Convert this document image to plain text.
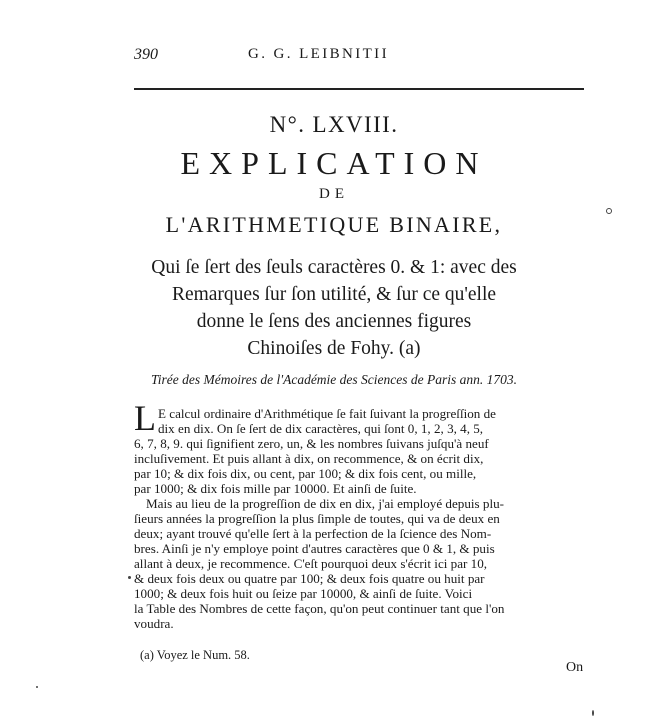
390	G. G. LEIBNITII
N°. LXVIII.
EXPLICATION
DE
L'ARITHMETIQUE BINAIRE,
Qui ſe ſert des ſeuls caractères 0. & 1: avec des
Remarques ſur ſon utilité, & ſur ce qu'elle
donne le ſens des anciennes figures
Chinoiſes de Fohy. (a)
Tirée des Mémoires de l'Académie des Sciences de Paris ann. 1703.
L E calcul ordinaire d'Arithmétique ſe fait ſuivant la progreſſion de
dix en dix. On ſe ſert de dix caractères, qui ſont 0, 1, 2, 3, 4, 5,
6, 7, 8, 9. qui ſignifient zero, un, & les nombres ſuivans juſqu'à neuf
incluſivement. Et puis allant à dix, on recommence, & on écrit dix,
par 10; & dix fois dix, ou cent, par 100; & dix fois cent, ou mille,
par 1000; & dix fois mille par 10000. Et ainſi de ſuite.
Mais au lieu de la progreſſion de dix en dix, j'ai employé depuis plu-
ſieurs années la progreſſion la plus ſimple de toutes, qui va de deux en
deux; ayant trouvé qu'elle ſert à la perfection de la ſcience des Nom-
bres. Ainſi je n'y employe point d'autres caractères que 0 & 1, & puis
allant à deux, je recommence. C'eſt pourquoi deux s'écrit ici par 10,
& deux fois deux ou quatre par 100; & deux fois quatre ou huit par
1000; & deux fois huit ou ſeize par 10000, & ainſi de ſuite. Voici
la Table des Nombres de cette façon, qu'on peut continuer tant que l'on
voudra.
(a) Voyez le Num. 58.
On
